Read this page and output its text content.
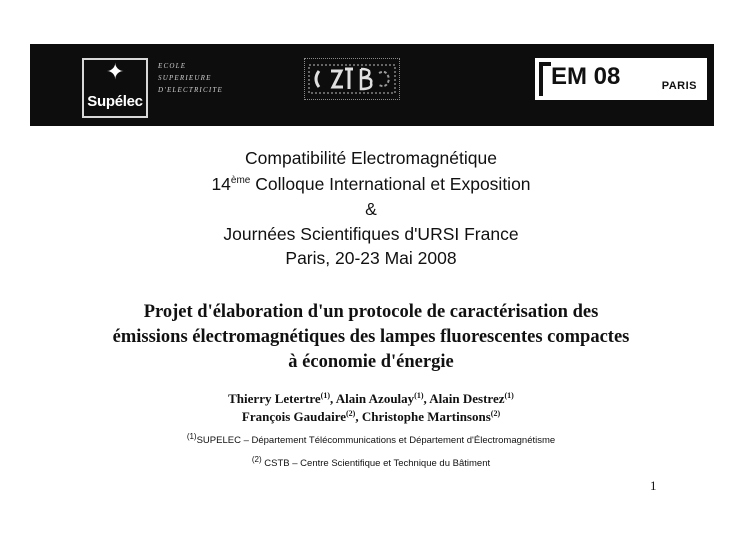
✦
Supélec
ECOLE
SUPERIEURE
D'ELECTRICITE	EM 08	PARIS
Compatibilité Electromagnétique
14ème Colloque International et Exposition
&
Journées Scientifiques d'URSI France
Paris, 20-23 Mai 2008
Projet d'élaboration d'un protocole de caractérisation des
émissions électromagnétiques des lampes fluorescentes compactes
à économie d'énergie
Thierry Letertre$^{(1)}$, Alain Azoulay$^{(1)}$, Alain Destrez$^{(1)}$
François Gaudaire$^{(2)}$, Christophe Martinsons$^{(2)}$
$^{(1)}$SUPELEC – Département Télécommunications et Département d'Électromagnétisme
$^{(2)}$ CSTB – Centre Scientifique et Technique du Bâtiment
1
